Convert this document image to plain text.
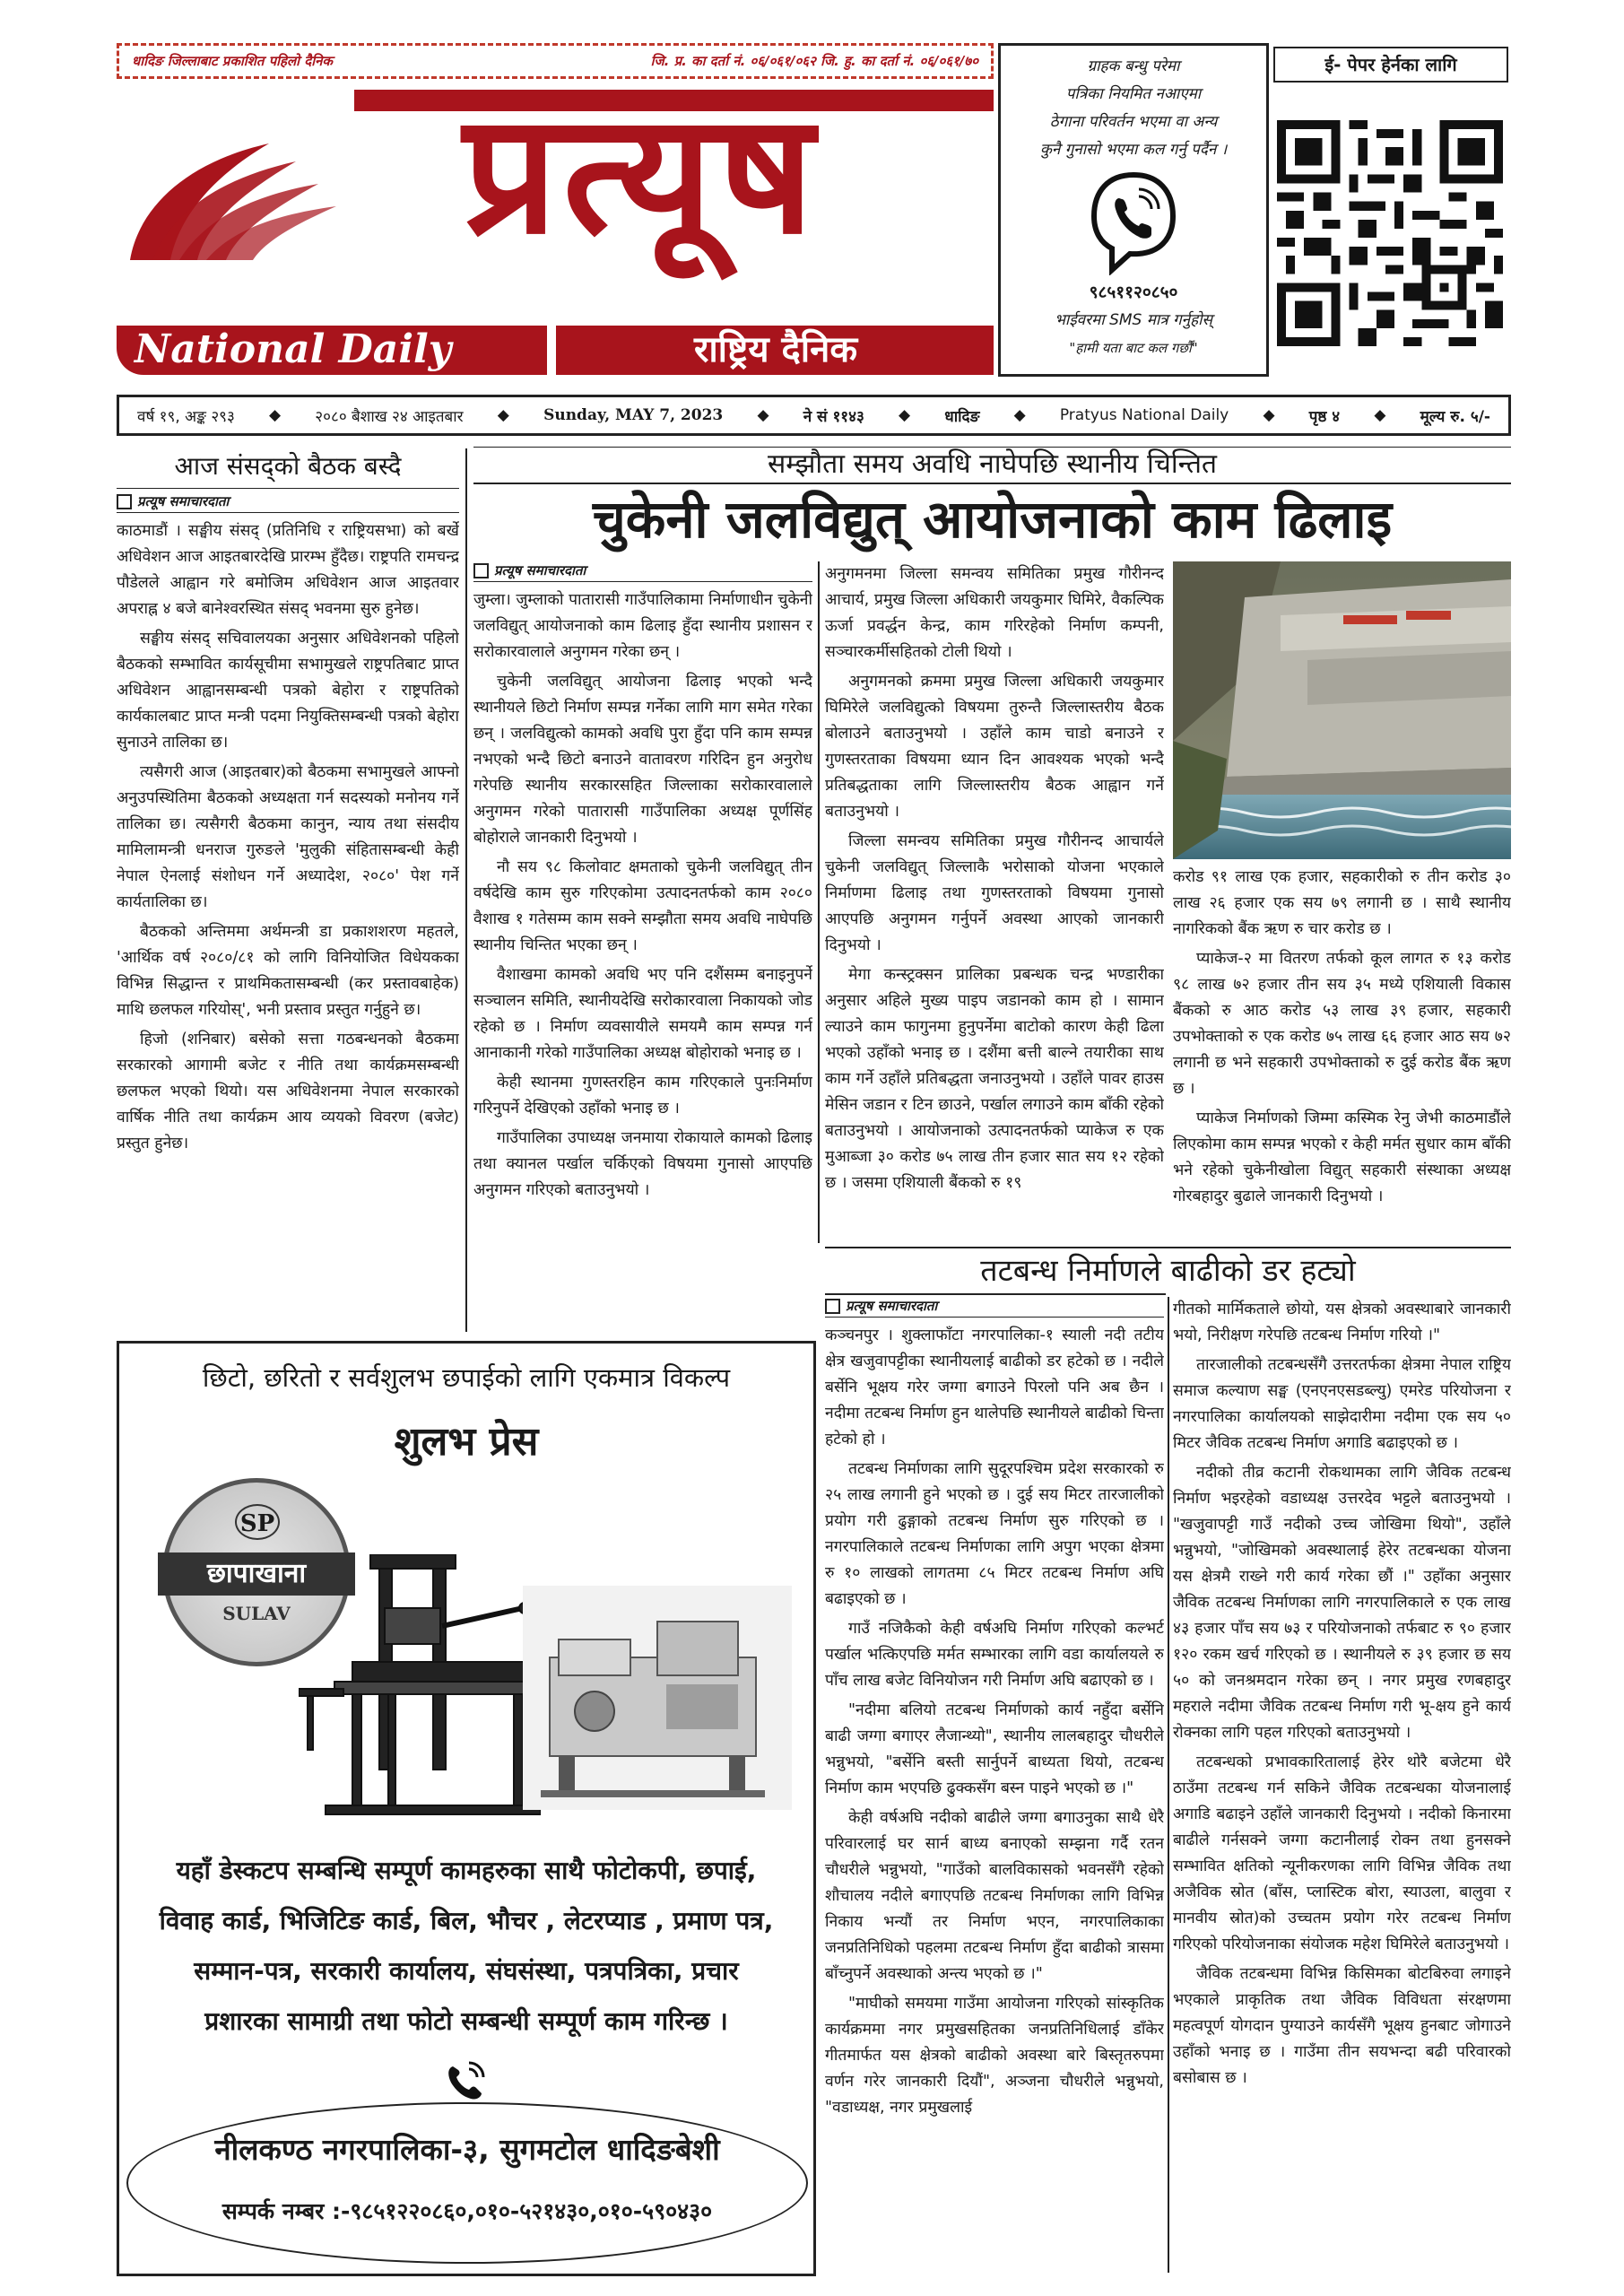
धादिङ जिल्लाबाट प्रकाशित पहिलो दैनिक	जि. प्र. का दर्ता नं. ०६/०६१/०६२ जि. हु. का दर्ता नं. ०६/०६१/७०
प्रत्यूष
National Daily	राष्ट्रिय दैनिक
ग्राहक बन्धु परेमा
पत्रिका नियमित नआएमा
ठेगाना परिवर्तन भएमा वा अन्य
कुनै गुनासो भएमा कल गर्नु पर्दैन ।
९८५११२०८५०
भाईवरमा SMS मात्र गर्नुहोस्
"हामी यता बाट कल गर्छौं"
ई- पेपर हेर्नका लागि
वर्ष १९, अङ्क २९३ ◆ २०८० बैशाख २४ आइतबार ◆ Sunday, MAY 7, 2023 ◆ ने सं ११४३ ◆ धादिङ ◆ Pratyus National Daily ◆ पृष्ठ ४ ◆ मूल्य रु. ५/-
आज संसद्को बैठक बस्दै
प्रत्यूष समाचारदाता

काठमाडौं । सङ्घीय संसद् (प्रतिनिधि र राष्ट्रियसभा) को बर्खे अधिवेशन आज आइतबारदेखि प्रारम्भ हुँदैछ। राष्ट्रपति रामचन्द्र पौडेलले आह्वान गरे बमोजिम अधिवेशन आज आइतवार अपराह्न ४ बजे बानेश्वरस्थित संसद् भवनमा सुरु हुनेछ।

सङ्घीय संसद् सचिवालयका अनुसार अधिवेशनको पहिलो बैठकको सम्भावित कार्यसूचीमा सभामुखले राष्ट्रपतिबाट प्राप्त अधिवेशन आह्वानसम्बन्धी पत्रको बेहोरा र राष्ट्रपतिको कार्यकालबाट प्राप्त मन्त्री पदमा नियुक्तिसम्बन्धी पत्रको बेहोरा सुनाउने तालिका छ।

त्यसैगरी आज (आइतबार)को बैठकमा सभामुखले आफ्नो अनुउपस्थितिमा बैठकको अध्यक्षता गर्न सदस्यको मनोनय गर्ने तालिका छ। त्यसैगरी बैठकमा कानुन, न्याय तथा संसदीय मामिलामन्त्री धनराज गुरुङले 'मुलुकी संहितासम्बन्धी केही नेपाल ऐनलाई संशोधन गर्ने अध्यादेश, २०८०' पेश गर्ने कार्यतालिका छ।

बैठकको अन्तिममा अर्थमन्त्री डा प्रकाशशरण महतले, 'आर्थिक वर्ष २०८०/८१ को लागि विनियोजित विधेयकका विभिन्न सिद्धान्त र प्राथमिकतासम्बन्धी (कर प्रस्तावबाहेक) माथि छलफल गरियोस्', भनी प्रस्ताव प्रस्तुत गर्नुहुने छ।

हिजो (शनिबार) बसेको सत्ता गठबन्धनको बैठकमा सरकारको आगामी बजेट र नीति तथा कार्यक्रमसम्बन्धी छलफल भएको थियो। यस अधिवेशनमा नेपाल सरकारको वार्षिक नीति तथा कार्यक्रम आय व्ययको विवरण (बजेट) प्रस्तुत हुनेछ।

सम्झौता समय अवधि नाघेपछि स्थानीय चिन्तित
चुकेनी जलविद्युत् आयोजनाको काम ढिलाइ
प्रत्यूष समाचारदाता

जुम्ला। जुम्लाको पातारासी गाउँपालिकामा निर्माणाधीन चुकेनी जलविद्युत् आयोजनाको काम ढिलाइ हुँदा स्थानीय प्रशासन र सरोकारवालाले अनुगमन गरेका छन् ।

चुकेनी जलविद्युत् आयोजना ढिलाइ भएको भन्दै स्थानीयले छिटो निर्माण सम्पन्न गर्नेका लागि माग समेत गरेका छन् । जलविद्युत्को कामको अवधि पुरा हुँदा पनि काम सम्पन्न नभएको भन्दै छिटो बनाउने वातावरण गरिदिन हुन अनुरोध गरेपछि स्थानीय सरकारसहित जिल्लाका सरोकारवालाले अनुगमन गरेको पातारासी गाउँपालिका अध्यक्ष पूर्णसिंह बोहोराले जानकारी दिनुभयो ।

नौ सय ९८ किलोवाट क्षमताको चुकेनी जलविद्युत् तीन वर्षदेखि काम सुरु गरिएकोमा उत्पादनतर्फको काम २०८० वैशाख १ गतेसम्म काम सक्ने सम्झौता समय अवधि नाघेपछि स्थानीय चिन्तित भएका छन् ।

वैशाखमा कामको अवधि भए पनि दशैंसम्म बनाइनुपर्ने सञ्चालन समिति, स्थानीयदेखि सरोकारवाला निकायको जोड रहेको छ । निर्माण व्यवसायीले समयमै काम सम्पन्न गर्न आनाकानी गरेको गाउँपालिका अध्यक्ष बोहोराको भनाइ छ ।

केही स्थानमा गुणस्तरहिन काम गरिएकाले पुनःनिर्माण गरिनुपर्ने देखिएको उहाँको भनाइ छ ।

गाउँपालिका उपाध्यक्ष जनमाया रोकायाले कामको ढिलाइ तथा क्यानल पर्खाल चर्किएको विषयमा गुनासो आएपछि अनुगमन गरिएको बताउनुभयो ।

अनुगमनमा जिल्ला समन्वय समितिका प्रमुख गौरीनन्द आचार्य, प्रमुख जिल्ला अधिकारी जयकुमार घिमिरे, वैकल्पिक ऊर्जा प्रवर्द्धन केन्द्र, काम गरिरहेको निर्माण कम्पनी, सञ्चारकर्मीसहितको टोली थियो ।

अनुगमनको क्रममा प्रमुख जिल्ला अधिकारी जयकुमार घिमिरेले जलविद्युत्को विषयमा तुरुन्तै जिल्लास्तरीय बैठक बोलाउने बताउनुभयो । उहाँले काम चाडो बनाउने र गुणस्तरताका विषयमा ध्यान दिन आवश्यक भएको भन्दै प्रतिबद्धताका लागि जिल्लास्तरीय बैठक आह्वान गर्ने बताउनुभयो ।

जिल्ला समन्वय समितिका प्रमुख गौरीनन्द आचार्यले चुकेनी जलविद्युत् जिल्लाकै भरोसाको योजना भएकाले निर्माणमा ढिलाइ तथा गुणस्तरताको विषयमा गुनासो आएपछि अनुगमन गर्नुपर्ने अवस्था आएको जानकारी दिनुभयो ।

मेगा कन्स्ट्रक्सन प्रालिका प्रबन्धक चन्द्र भण्डारीका अनुसार अहिले मुख्य पाइप जडानको काम हो । सामान ल्याउने काम फागुनमा हुनुपर्नेमा बाटोको कारण केही ढिला भएको उहाँको भनाइ छ । दशैंमा बत्ती बाल्ने तयारीका साथ काम गर्ने उहाँले प्रतिबद्धता जनाउनुभयो । उहाँले पावर हाउस मेसिन जडान र टिन छाउने, पर्खाल लगाउने काम बाँकी रहेको बताउनुभयो । आयोजनाको उत्पादनतर्फको प्याकेज रु एक मुआब्जा ३० करोड ७५ लाख तीन हजार सात सय १२ रहेको छ । जसमा एशियाली बैंकको रु १९

करोड ९१ लाख एक हजार, सहकारीको रु तीन करोड ३० लाख २६ हजार एक सय ७९ लगानी छ । साथै स्थानीय नागरिकको बैंक ऋण रु चार करोड छ ।

प्याकेज-२ मा वितरण तर्फको कूल लागत रु १३ करोड ९८ लाख ७२ हजार तीन सय ३५ मध्ये एशियाली विकास बैंकको रु आठ करोड ५३ लाख ३९ हजार, सहकारी उपभोक्ताको रु एक करोड ७५ लाख ६६ हजार आठ सय ७२ लगानी छ भने सहकारी उपभोक्ताको रु दुई करोड बैंक ऋण छ ।

प्याकेज निर्माणको जिम्मा कस्मिक रेनु जेभी काठमाडौंले लिएकोमा काम सम्पन्न भएको र केही मर्मत सुधार काम बाँकी भने रहेको चुकेनीखोला विद्युत् सहकारी संस्थाका अध्यक्ष गोरबहादुर बुढाले जानकारी दिनुभयो ।

तटबन्ध निर्माणले बाढीको डर हट्यो
प्रत्यूष समाचारदाता

कञ्चनपुर । शुक्लाफाँटा नगरपालिका-१ स्याली नदी तटीय क्षेत्र खजुवापट्टीका स्थानीयलाई बाढीको डर हटेको छ । नदीले बर्सेनि भूक्षय गरेर जग्गा बगाउने पिरलो पनि अब छैन । नदीमा तटबन्ध निर्माण हुन थालेपछि स्थानीयले बाढीको चिन्ता हटेको हो ।

तटबन्ध निर्माणका लागि सुदूरपश्चिम प्रदेश सरकारको रु २५ लाख लगानी हुने भएको छ । दुई सय मिटर तारजालीको प्रयोग गरी ढुङ्गाको तटबन्ध निर्माण सुरु गरिएको छ । नगरपालिकाले तटबन्ध निर्माणका लागि अपुग भएका क्षेत्रमा रु १० लाखको लागतमा ८५ मिटर तटबन्ध निर्माण अघि बढाइएको छ ।

गाउँ नजिकैको केही वर्षअघि निर्माण गरिएको कल्भर्ट पर्खाल भत्किएपछि मर्मत सम्भारका लागि वडा कार्यालयले रु पाँच लाख बजेट विनियोजन गरी निर्माण अघि बढाएको छ ।

"नदीमा बलियो तटबन्ध निर्माणको कार्य नहुँदा बर्सेनि बाढी जग्गा बगाएर लैजान्थ्यो", स्थानीय लालबहादुर चौधरीले भन्नुभयो, "बर्सेनि बस्ती सार्नुपर्ने बाध्यता थियो, तटबन्ध निर्माण काम भएपछि ढुक्कसँग बस्न पाइने भएको छ ।"

केही वर्षअघि नदीको बाढीले जग्गा बगाउनुका साथै धेरै परिवारलाई घर सार्न बाध्य बनाएको सम्झना गर्दै रतन चौधरीले भन्नुभयो, "गाउँको बालविकासको भवनसँगै रहेको शौचालय नदीले बगाएपछि तटबन्ध निर्माणका लागि विभिन्न निकाय भन्यौं तर निर्माण भएन, नगरपालिकाका जनप्रतिनिधिको पहलमा तटबन्ध निर्माण हुँदा बाढीको त्रासमा बाँच्नुपर्ने अवस्थाको अन्त्य भएको छ ।"

"माघीको समयमा गाउँमा आयोजना गरिएको सांस्कृतिक कार्यक्रममा नगर प्रमुखसहितका जनप्रतिनिधिलाई डाँकेर गीतमार्फत यस क्षेत्रको बाढीको अवस्था बारे बिस्तृतरुपमा वर्णन गरेर जानकारी दियौं", अञ्जना चौधरीले भन्नुभयो, "वडाध्यक्ष, नगर प्रमुखलाई

गीतको मार्मिकताले छोयो, यस क्षेत्रको अवस्थाबारे जानकारी भयो, निरीक्षण गरेपछि तटबन्ध निर्माण गरियो ।"

तारजालीको तटबन्धसँगै उत्तरतर्फका क्षेत्रमा नेपाल राष्ट्रिय समाज कल्याण सङ्घ (एनएनएसडब्ल्यु) एमरेड परियोजना र नगरपालिका कार्यालयको साझेदारीमा नदीमा एक सय ५० मिटर जैविक तटबन्ध निर्माण अगाडि बढाइएको छ ।

नदीको तीव्र कटानी रोकथामका लागि जैविक तटबन्ध निर्माण भइरहेको वडाध्यक्ष उत्तरदेव भट्टले बताउनुभयो । "खजुवापट्टी गाउँ नदीको उच्च जोखिमा थियो", उहाँले भन्नुभयो, "जोखिमको अवस्थालाई हेरेर तटबन्धका योजना यस क्षेत्रमै राख्ने गरी कार्य गरेका छौं ।" उहाँका अनुसार जैविक तटबन्ध निर्माणका लागि नगरपालिकाले रु एक लाख ४३ हजार पाँच सय ७३ र परियोजनाको तर्फबाट रु ९० हजार १२० रकम खर्च गरिएको छ । स्थानीयले रु ३९ हजार छ सय ५० को जनश्रमदान गरेका छन् । नगर प्रमुख रणबहादुर महराले नदीमा जैविक तटबन्ध निर्माण गरी भू-क्षय हुने कार्य रोक्नका लागि पहल गरिएको बताउनुभयो ।

तटबन्धको प्रभावकारितालाई हेरेर थोरै बजेटमा धेरै ठाउँमा तटबन्ध गर्न सकिने जैविक तटबन्धका योजनालाई अगाडि बढाइने उहाँले जानकारी दिनुभयो । नदीको किनारमा बाढीले गर्नसक्ने जग्गा कटानीलाई रोक्न तथा हुनसक्ने सम्भावित क्षतिको न्यूनीकरणका लागि विभिन्न जैविक तथा अजैविक स्रोत (बाँस, प्लास्टिक बोरा, स्याउला, बालुवा र मानवीय स्रोत)को उच्चतम प्रयोग गरेर तटबन्ध निर्माण गरिएको परियोजनाका संयोजक महेश घिमिरेले बताउनुभयो ।

जैविक तटबन्धमा विभिन्न किसिमका बोटबिरुवा लगाइने भएकाले प्राकृतिक तथा जैविक विविधता संरक्षणमा महत्वपूर्ण योगदान पुग्याउने कार्यसँगै भूक्षय हुनबाट जोगाउने उहाँको भनाइ छ । गाउँमा तीन सयभन्दा बढी परिवारको बसोबास छ ।

छिटो, छरितो र सर्वशुलभ छपाईको लागि एकमात्र विकल्प
शुलभ प्रेस
SP
छापाखाना
SULAV
यहाँ डेस्कटप सम्बन्धि सम्पूर्ण कामहरुका साथै फोटोकपी, छपाई,
विवाह कार्ड, भिजिटिङ कार्ड, बिल, भौचर , लेटरप्याड , प्रमाण पत्र,
सम्मान-पत्र, सरकारी कार्यालय, संघसंस्था, पत्रपत्रिका, प्रचार
प्रशारका सामाग्री तथा फोटो सम्बन्धी सम्पूर्ण काम गरिन्छ ।
नीलकण्ठ नगरपालिका-३, सुगमटोल धादिङबेशी
सम्पर्क नम्बर :-९८५१२२०८६०,०१०-५२१४३०,०१०-५९०४३०
